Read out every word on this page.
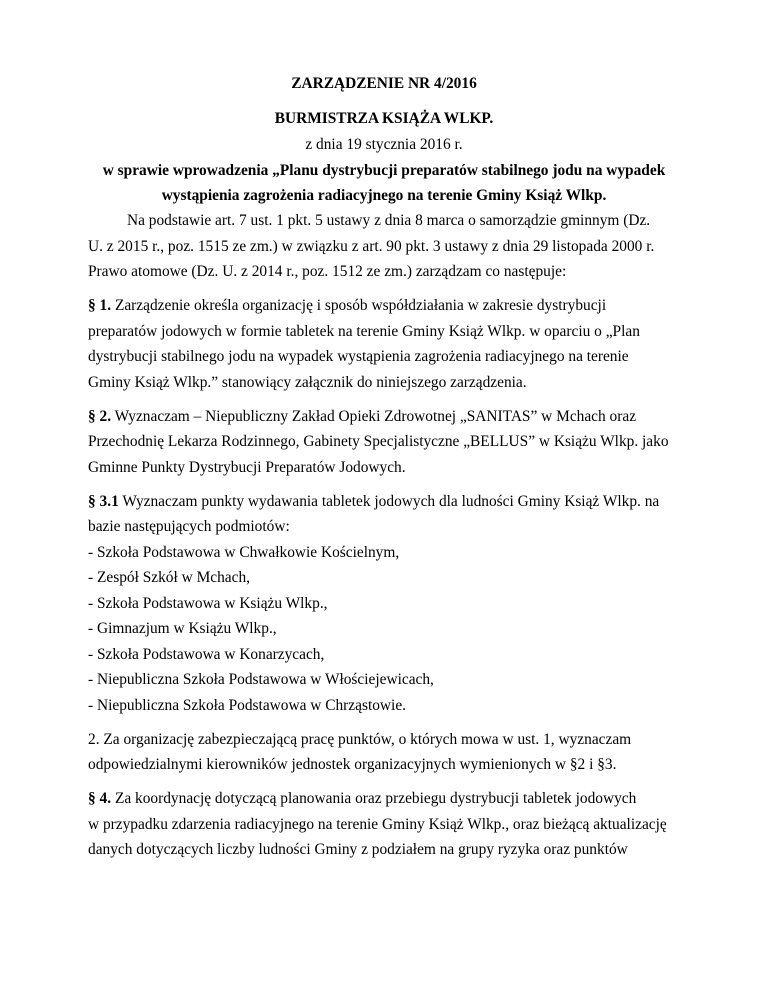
ZARZĄDZENIE NR 4/2016
BURMISTRZA KSIĄŻA WLKP.
z dnia 19 stycznia 2016 r.
w sprawie wprowadzenia „Planu dystrybucji preparatów stabilnego jodu na wypadek
wystąpienia zagrożenia radiacyjnego na terenie Gminy Książ Wlkp.
Na podstawie art. 7 ust. 1 pkt. 5 ustawy z dnia 8 marca o samorządzie gminnym (Dz.
U. z 2015 r., poz. 1515 ze zm.) w związku z art. 90 pkt. 3 ustawy z dnia 29 listopada 2000 r.
Prawo atomowe (Dz. U. z 2014 r., poz. 1512 ze zm.) zarządzam co następuje:
§ 1. Zarządzenie określa organizację i sposób współdziałania w zakresie dystrybucji
preparatów jodowych w formie tabletek na terenie Gminy Książ Wlkp. w oparciu o „Plan
dystrybucji stabilnego jodu na wypadek wystąpienia zagrożenia radiacyjnego na terenie
Gminy Książ Wlkp.” stanowiący załącznik do niniejszego zarządzenia.
§ 2. Wyznaczam – Niepubliczny Zakład Opieki Zdrowotnej „SANITAS” w Mchach oraz
Przechodnię Lekarza Rodzinnego, Gabinety Specjalistyczne „BELLUS” w Książu Wlkp. jako
Gminne Punkty Dystrybucji Preparatów Jodowych.
§ 3.1 Wyznaczam punkty wydawania tabletek jodowych dla ludności Gminy Książ Wlkp. na
bazie następujących podmiotów:
- Szkoła Podstawowa w Chwałkowie Kościelnym,
- Zespół Szkół w Mchach,
- Szkoła Podstawowa w Książu Wlkp.,
- Gimnazjum w Książu Wlkp.,
- Szkoła Podstawowa w Konarzycach,
- Niepubliczna Szkoła Podstawowa w Włościejewicach,
- Niepubliczna Szkoła Podstawowa w Chrząstowie.
2. Za organizację zabezpieczającą pracę punktów, o których mowa w ust. 1, wyznaczam
odpowiedzialnymi kierowników jednostek organizacyjnych wymienionych w §2 i §3.
§ 4. Za koordynację dotyczącą planowania oraz przebiegu dystrybucji tabletek jodowych
w przypadku zdarzenia radiacyjnego na terenie Gminy Książ Wlkp., oraz bieżącą aktualizację
danych dotyczących liczby ludności Gminy z podziałem na grupy ryzyka oraz punktów
